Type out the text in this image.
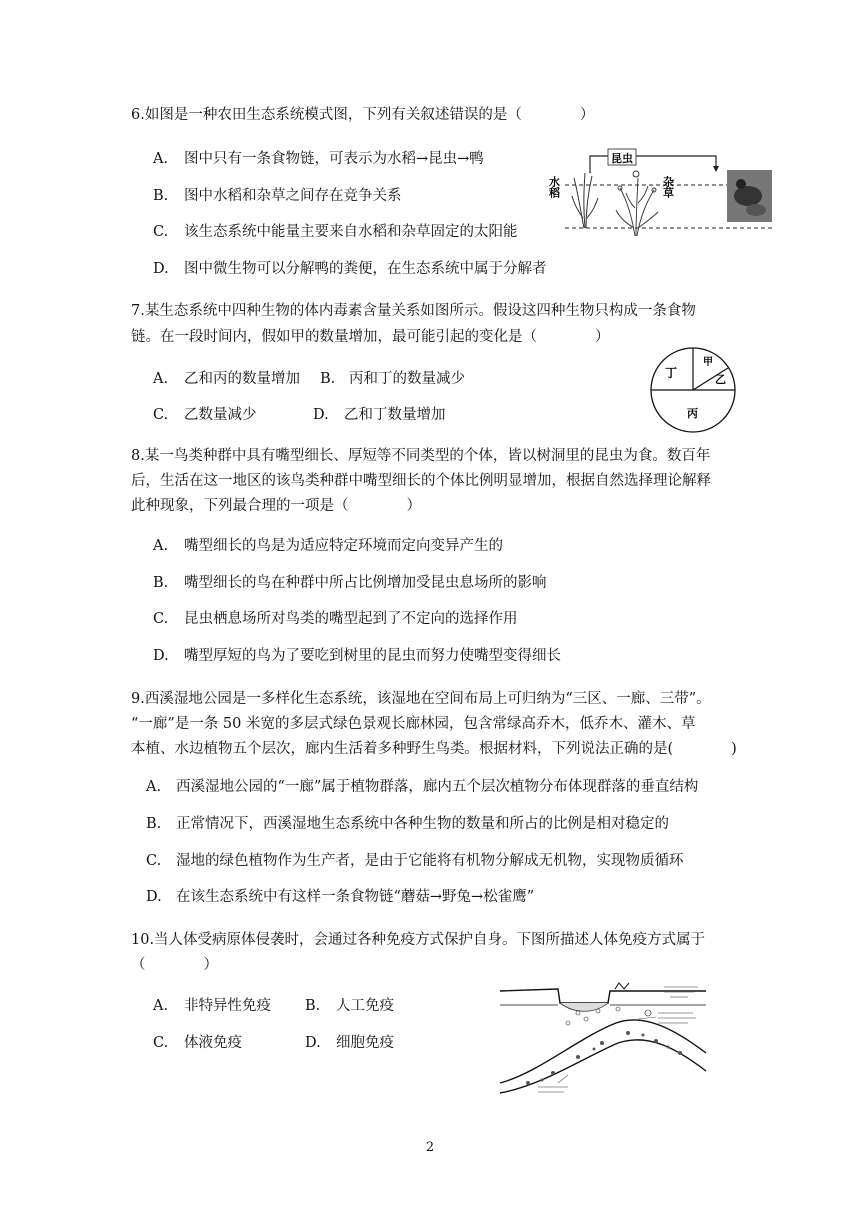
6.如图是一种农田生态系统模式图，下列有关叙述错误的是（　　　　）
A. 图中只有一条食物链，可表示为水稻→昆虫→鸭
B. 图中水稻和杂草之间存在竞争关系
C. 该生态系统中能量主要来自水稻和杂草固定的太阳能
D. 图中微生物可以分解鸭的粪便，在生态系统中属于分解者
昆虫
水稻	杂草
7.某生态系统中四种生物的体内毒素含量关系如图所示。假设这四种生物只构成一条食物
链。在一段时间内，假如甲的数量增加，最可能引起的变化是（　　　　）
A. 乙和丙的数量增加 B. 丙和丁的数量减少
C. 乙数量减少	D. 乙和丁数量增加
丁
甲
乙
丙
8.某一鸟类种群中具有嘴型细长、厚短等不同类型的个体，皆以树洞里的昆虫为食。数百年
后，生活在这一地区的该鸟类种群中嘴型细长的个体比例明显增加，根据自然选择理论解释
此种现象，下列最合理的一项是（　　　　）
A. 嘴型细长的鸟是为适应特定环境而定向变异产生的
B. 嘴型细长的鸟在种群中所占比例增加受昆虫息场所的影响
C. 昆虫栖息场所对鸟类的嘴型起到了不定向的选择作用
D. 嘴型厚短的鸟为了要吃到树里的昆虫而努力使嘴型变得细长
9.西溪湿地公园是一多样化生态系统，该湿地在空间布局上可归纳为“三区、一廊、三带”。
“一廊”是一条 50 米宽的多层式绿色景观长廊林园，包含常绿高乔木，低乔木、灌木、草
本植、水边植物五个层次，廊内生活着多种野生鸟类。根据材料，下列说法正确的是(　　　　)
A. 西溪湿地公园的“一廊”属于植物群落，廊内五个层次植物分布体现群落的垂直结构
B. 正常情况下，西溪湿地生态系统中各种生物的数量和所占的比例是相对稳定的
C. 湿地的绿色植物作为生产者，是由于它能将有机物分解成无机物，实现物质循环
D. 在该生态系统中有这样一条食物链“蘑菇→野兔→松雀鹰”
10.当人体受病原体侵袭时，会通过各种免疫方式保护自身。下图所描述人体免疫方式属于
（　　　　）
A. 非特异性免疫 B. 人工免疫
C. 体液免疫	D. 细胞免疫
2
